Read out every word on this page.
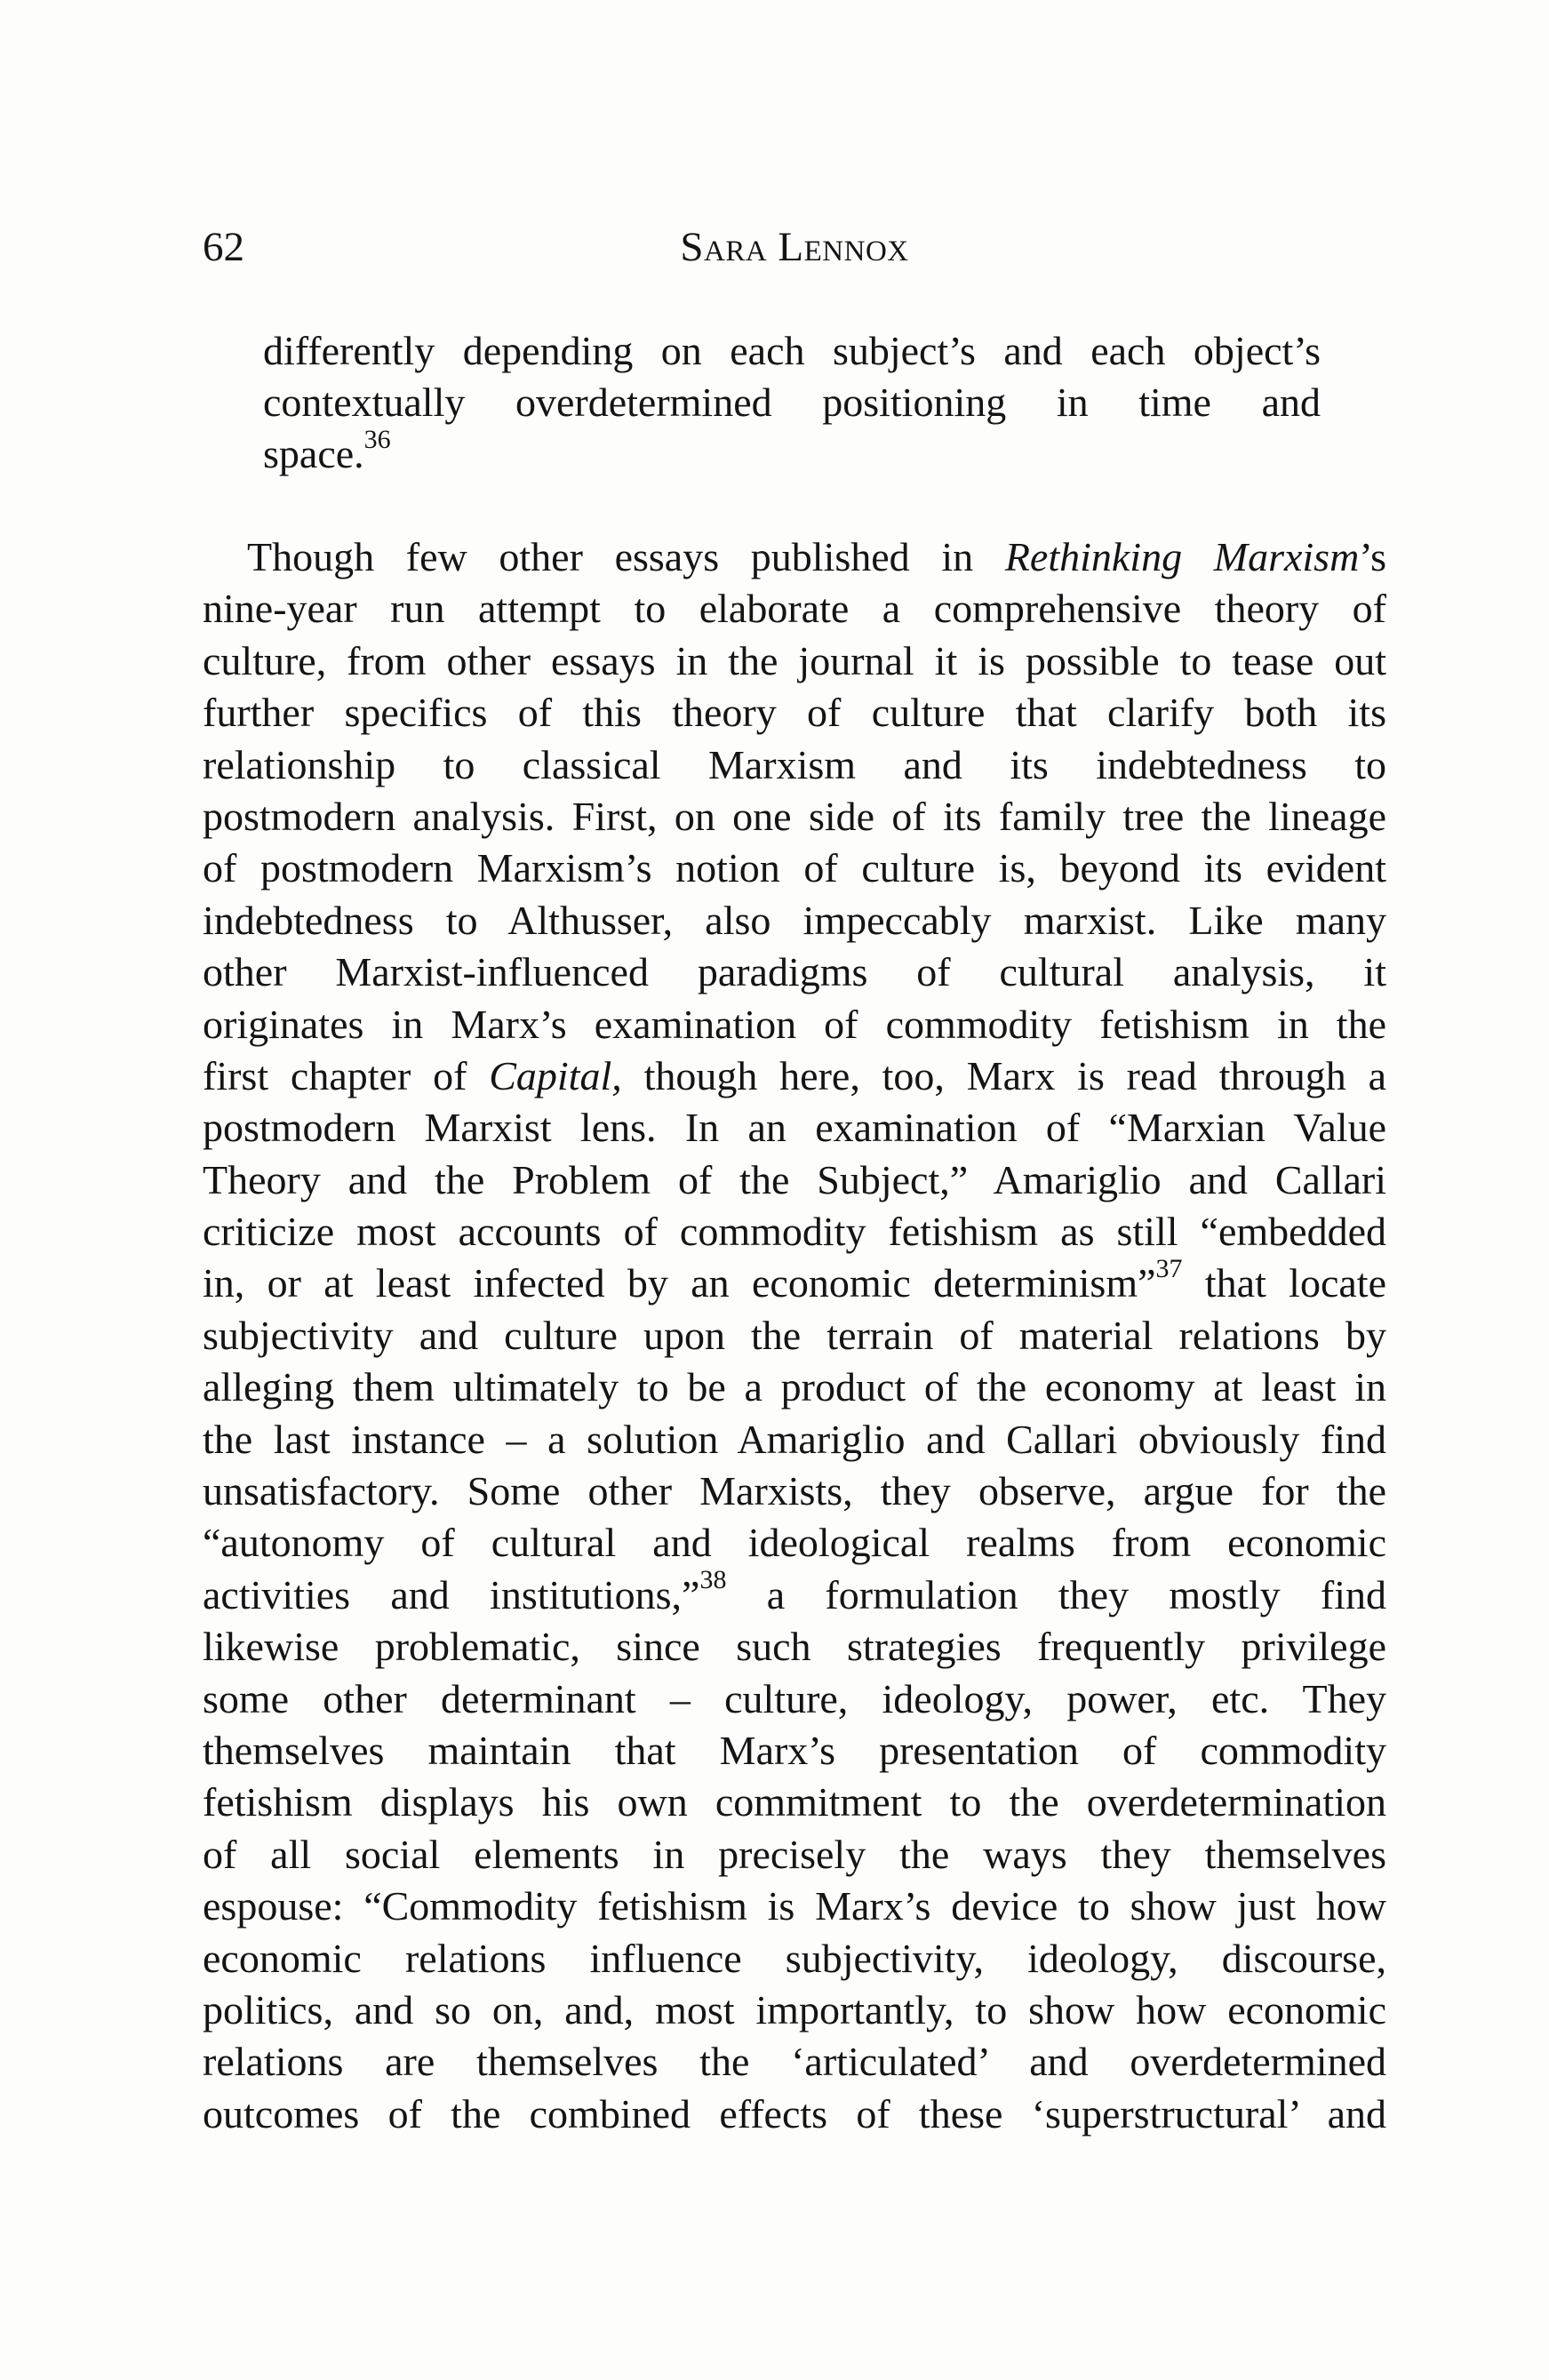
62	Sara Lennox
differently depending on each subject’s and each object’s
contextually overdetermined positioning in time and
space.$^{36}$
Though few other essays published in Rethinking Marxism’s
nine-year run attempt to elaborate a comprehensive theory of
culture, from other essays in the journal it is possible to tease out
further specifics of this theory of culture that clarify both its
relationship to classical Marxism and its indebtedness to
postmodern analysis. First, on one side of its family tree the lineage
of postmodern Marxism’s notion of culture is, beyond its evident
indebtedness to Althusser, also impeccably marxist. Like many
other Marxist-influenced paradigms of cultural analysis, it
originates in Marx’s examination of commodity fetishism in the
first chapter of Capital, though here, too, Marx is read through a
postmodern Marxist lens. In an examination of “Marxian Value
Theory and the Problem of the Subject,” Amariglio and Callari
criticize most accounts of commodity fetishism as still “embedded
in, or at least infected by an economic determinism”$^{37}$ that locate
subjectivity and culture upon the terrain of material relations by
alleging them ultimately to be a product of the economy at least in
the last instance – a solution Amariglio and Callari obviously find
unsatisfactory. Some other Marxists, they observe, argue for the
“autonomy of cultural and ideological realms from economic
activities and institutions,”$^{38}$ a formulation they mostly find
likewise problematic, since such strategies frequently privilege
some other determinant – culture, ideology, power, etc. They
themselves maintain that Marx’s presentation of commodity
fetishism displays his own commitment to the overdetermination
of all social elements in precisely the ways they themselves
espouse: “Commodity fetishism is Marx’s device to show just how
economic relations influence subjectivity, ideology, discourse,
politics, and so on, and, most importantly, to show how economic
relations are themselves the ‘articulated’ and overdetermined
outcomes of the combined effects of these ‘superstructural’ and
